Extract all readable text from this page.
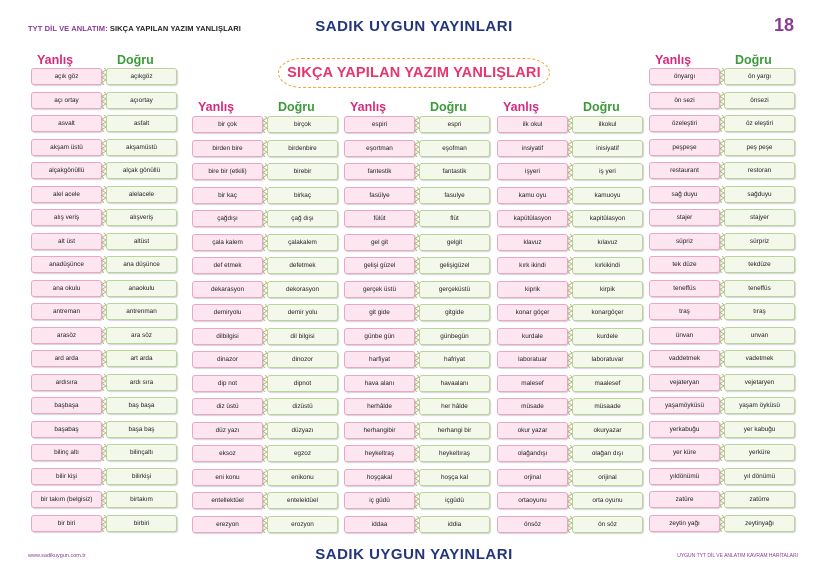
TYT DİL VE ANLATIM: SIKÇA YAPILAN YAZIM YANLIŞLARI	SADIK UYGUN YAYINLARI	18
SIKÇA YAPILAN YAZIM YANLIŞLARI
Yanlış	Doğru
açık göz	açıkgöz
açı ortay	açıortay
asvalt	asfalt
akşam üstü	akşamüstü
alçakgönüllü	alçak gönüllü
alel acele	alelacele
alış veriş	alışveriş
alt üst	altüst
anadüşünce	ana düşünce
ana okulu	anaokulu
antreman	antrenman
arasöz	ara söz
ard arda	art arda
ardısıra	ardı sıra
başbaşa	baş başa
başabaş	başa baş
bilinç altı	bilinçaltı
bilir kişi	bilirkişi
bir takım (belgisiz)	birtakım
bir biri	birbiri
Yanlış	Doğru
bir çok	birçok
birden bire	birdenbire
bire bir (etkili)	birebir
bir kaç	birkaç
çağdışı	çağ dışı
çala kalem	çalakalem
def etmek	defetmek
dekarasyon	dekorasyon
demiryolu	demir yolu
dilbilgisi	dil bilgisi
dinazor	dinozor
dip not	dipnot
diz üstü	dizüstü
düz yazı	düzyazı
eksoz	egzoz
eni konu	enikonu
entellektüel	entelektüel
erezyon	erozyon
Yanlış	Doğru
espiri	espri
eşortman	eşofman
fantestik	fantastik
fasülye	fasulye
fülüt	flüt
gel git	gelgit
gelişi güzel	gelişigüzel
gerçek üstü	gerçeküstü
git gide	gitgide
günbe gün	günbegün
harfiyat	hafriyat
hava alanı	havaalanı
herhâlde	her hâlde
herhangibir	herhangi bir
heykeltraş	heykeltıraş
hoşçakal	hoşça kal
iç güdü	içgüdü
iddaa	iddia
Yanlış	Doğru
ilk okul	ilkokul
insiyatif	inisiyatif
işyeri	iş yeri
kamu oyu	kamuoyu
kapütülasyon	kapitülasyon
klavuz	kılavuz
kırk ikindi	kırkikindi
kiprik	kirpik
konar göçer	konargöçer
kurdale	kurdele
laboratuar	laboratuvar
malesef	maalesef
müsade	müsaade
okur yazar	okuryazar
olağandışı	olağan dışı
orjinal	orijinal
ortaoyunu	orta oyunu
önsöz	ön söz
Yanlış	Doğru
önyargı	ön yargı
ön sezi	önsezi
özeleştiri	öz eleştiri
peşpeşe	peş peşe
restaurant	restoran
sağ duyu	sağduyu
stajer	stajyer
süpriz	sürpriz
tek düze	tekdüze
teneffüs	teneffüs
traş	tıraş
ünvan	unvan
vaddetmek	vadetmek
vejateryan	vejetaryen
yaşamöyküsü	yaşam öyküsü
yerkabuğu	yer kabuğu
yer küre	yerküre
yıldönümü	yıl dönümü
zatüre	zatürre
zeytin yağı	zeytinyağı
www.sadikuygun.com.tr	SADIK UYGUN YAYINLARI	UYGUN TYT DİL VE ANLATIM KAVRAM HARİTALARI
